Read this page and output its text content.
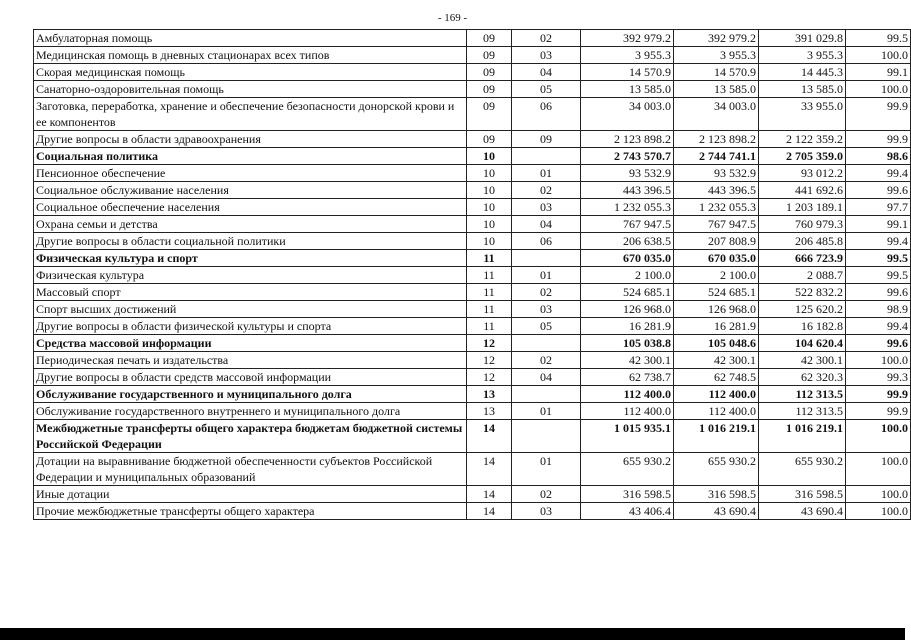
- 169 -
Амбулаторная помощь	09	02	392 979.2	392 979.2	391 029.8	99.5
Медицинская помощь в дневных стационарах всех типов	09	03	3 955.3	3 955.3	3 955.3	100.0
Скорая медицинская помощь	09	04	14 570.9	14 570.9	14 445.3	99.1
Санаторно-оздоровительная помощь	09	05	13 585.0	13 585.0	13 585.0	100.0
Заготовка, переработка, хранение и обеспечение безопасности донорской крови и ее компонентов	09	06	34 003.0	34 003.0	33 955.0	99.9
Другие вопросы в области здравоохранения	09	09	2 123 898.2	2 123 898.2	2 122 359.2	99.9
Социальная политика	10		2 743 570.7	2 744 741.1	2 705 359.0	98.6
Пенсионное обеспечение	10	01	93 532.9	93 532.9	93 012.2	99.4
Социальное обслуживание населения	10	02	443 396.5	443 396.5	441 692.6	99.6
Социальное обеспечение населения	10	03	1 232 055.3	1 232 055.3	1 203 189.1	97.7
Охрана семьи и детства	10	04	767 947.5	767 947.5	760 979.3	99.1
Другие вопросы в области социальной политики	10	06	206 638.5	207 808.9	206 485.8	99.4
Физическая культура и спорт	11		670 035.0	670 035.0	666 723.9	99.5
Физическая культура	11	01	2 100.0	2 100.0	2 088.7	99.5
Массовый спорт	11	02	524 685.1	524 685.1	522 832.2	99.6
Спорт высших достижений	11	03	126 968.0	126 968.0	125 620.2	98.9
Другие вопросы в области физической культуры и спорта	11	05	16 281.9	16 281.9	16 182.8	99.4
Средства массовой информации	12		105 038.8	105 048.6	104 620.4	99.6
Периодическая печать и издательства	12	02	42 300.1	42 300.1	42 300.1	100.0
Другие вопросы в области средств массовой информации	12	04	62 738.7	62 748.5	62 320.3	99.3
Обслуживание государственного и муниципального долга	13		112 400.0	112 400.0	112 313.5	99.9
Обслуживание государственного внутреннего и муниципального долга	13	01	112 400.0	112 400.0	112 313.5	99.9
Межбюджетные трансферты общего характера бюджетам бюджетной системы Российской Федерации	14		1 015 935.1	1 016 219.1	1 016 219.1	100.0
Дотации на выравнивание бюджетной обеспеченности субъектов Российской Федерации и муниципальных образований	14	01	655 930.2	655 930.2	655 930.2	100.0
Иные дотации	14	02	316 598.5	316 598.5	316 598.5	100.0
Прочие межбюджетные трансферты общего характера	14	03	43 406.4	43 690.4	43 690.4	100.0
